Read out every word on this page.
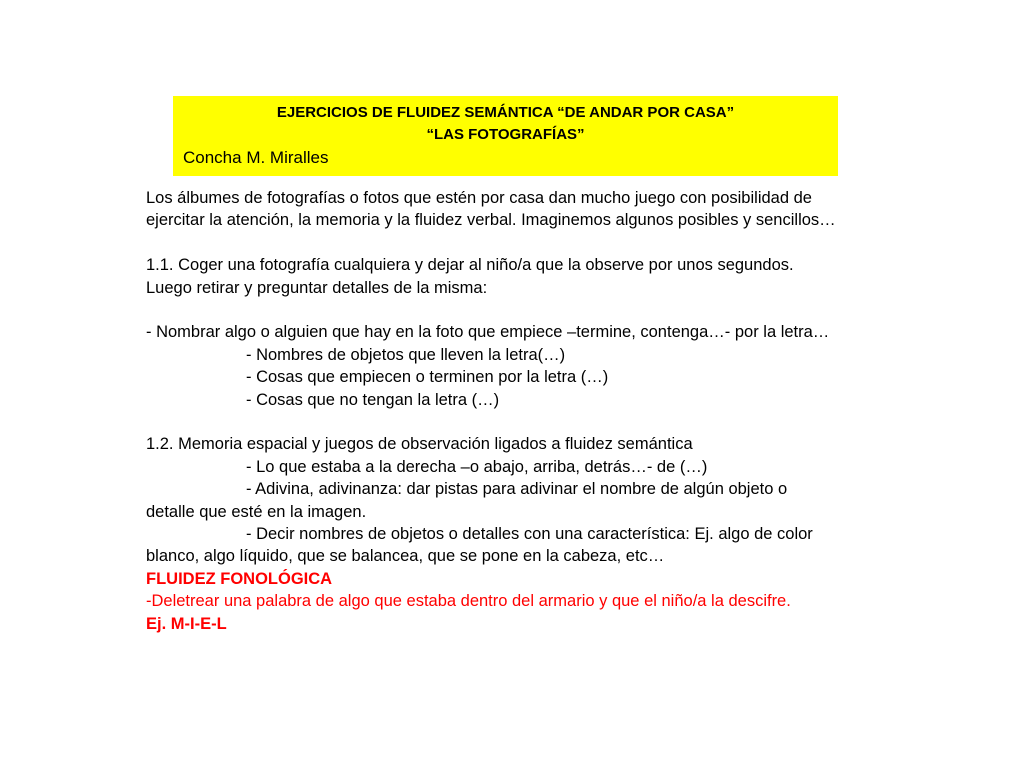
EJERCICIOS DE FLUIDEZ SEMÁNTICA “DE ANDAR POR CASA”
“LAS FOTOGRAFÍAS”
Concha M. Miralles
Los álbumes de fotografías o fotos que estén por casa dan mucho juego con posibilidad de
ejercitar la atención, la memoria y la fluidez verbal. Imaginemos algunos posibles y sencillos…
1.1. Coger una fotografía cualquiera y dejar al niño/a que la observe por unos segundos.
Luego retirar y preguntar detalles de la misma:
- Nombrar algo o alguien que hay en la foto que empiece –termine, contenga…- por la letra…
- Nombres de objetos que lleven la letra(…)
- Cosas que empiecen o terminen por la letra (…)
- Cosas que no tengan la letra (…)
1.2. Memoria espacial y juegos de observación ligados a fluidez semántica
- Lo que estaba a la derecha –o abajo, arriba, detrás…- de (…)
- Adivina, adivinanza: dar pistas para adivinar el nombre de algún objeto o
detalle que esté en la imagen.
- Decir nombres de objetos o detalles con una característica: Ej. algo de color
blanco, algo líquido, que se balancea, que se pone en la cabeza, etc…
FLUIDEZ FONOLÓGICA
-Deletrear una palabra de algo que estaba dentro del armario y que el niño/a la descifre.
Ej. M-I-E-L
